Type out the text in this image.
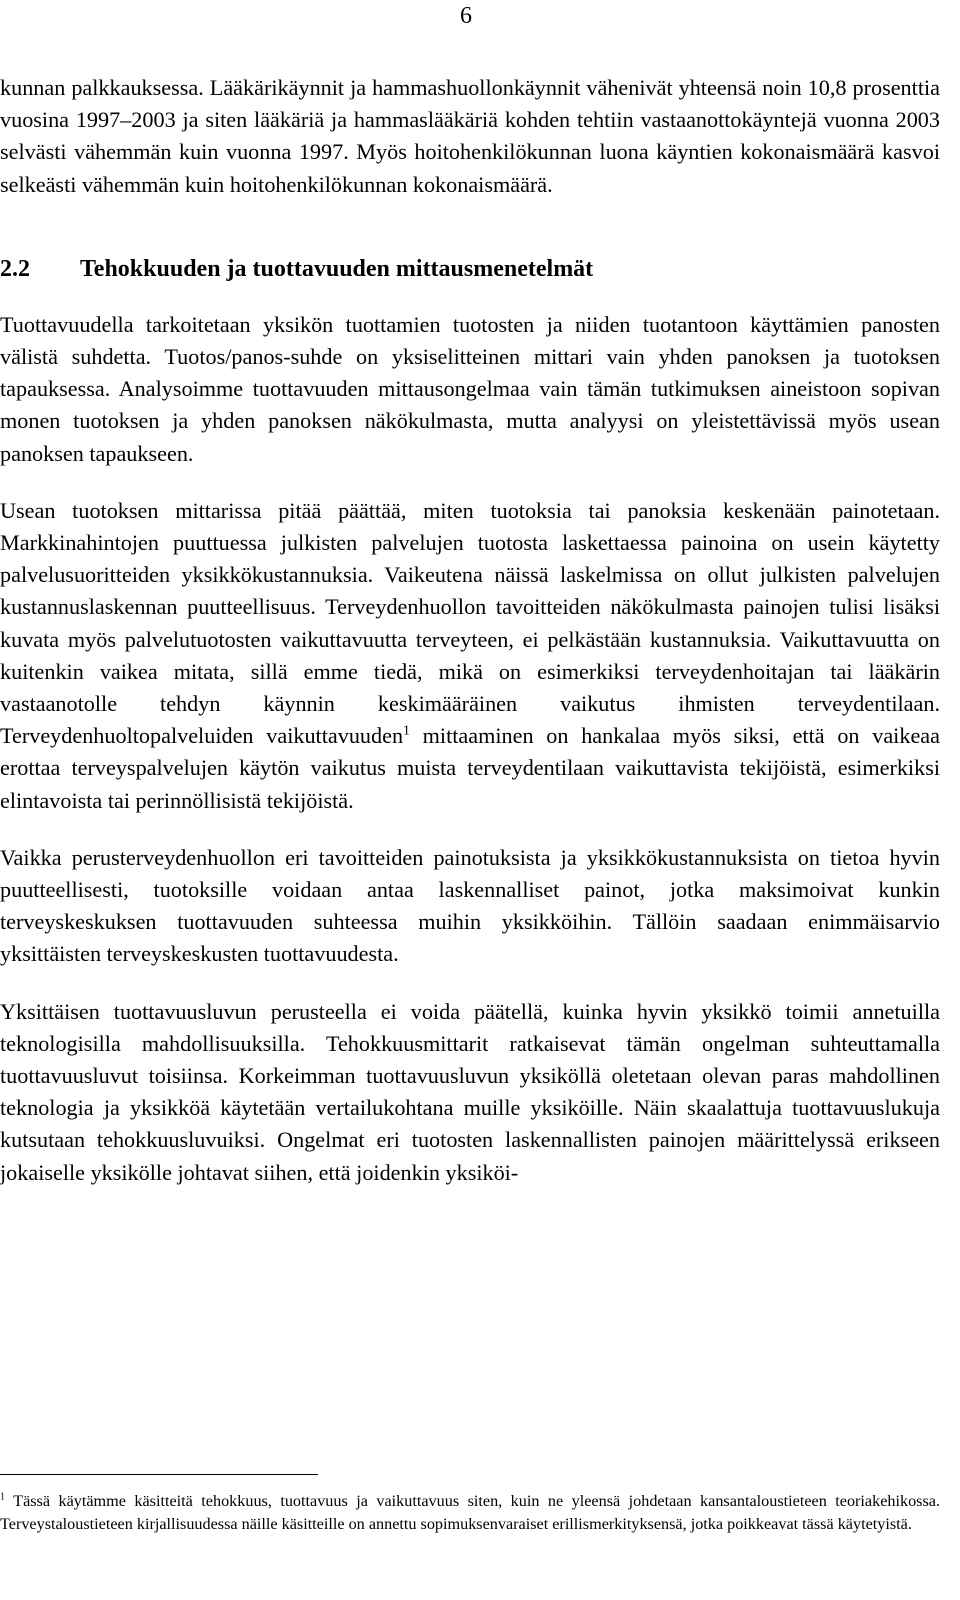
6

kunnan palkkauksessa. Lääkärikäynnit ja hammashuollonkäynnit vähenivät yhteensä noin 10,8 prosenttia vuosina 1997–2003 ja siten lääkäriä ja hammaslääkäriä kohden tehtiin vastaanottokäyntejä vuonna 2003 selvästi vähemmän kuin vuonna 1997. Myös hoitohenkilökunnan luona käyntien kokonaismäärä kasvoi selkeästi vähemmän kuin hoitohenkilökunnan kokonaismäärä.

2.2	Tehokkuuden ja tuottavuuden mittausmenetelmät

Tuottavuudella tarkoitetaan yksikön tuottamien tuotosten ja niiden tuotantoon käyttämien panosten välistä suhdetta. Tuotos/panos-suhde on yksiselitteinen mittari vain yhden panoksen ja tuotoksen tapauksessa. Analysoimme tuottavuuden mittausongelmaa vain tämän tutkimuksen aineistoon sopivan monen tuotoksen ja yhden panoksen näkökulmasta, mutta analyysi on yleistettävissä myös usean panoksen tapaukseen.

Usean tuotoksen mittarissa pitää päättää, miten tuotoksia tai panoksia keskenään painotetaan. Markkinahintojen puuttuessa julkisten palvelujen tuotosta laskettaessa painoina on usein käytetty palvelusuoritteiden yksikkökustannuksia. Vaikeutena näissä laskelmissa on ollut julkisten palvelujen kustannuslaskennan puutteellisuus. Terveydenhuollon tavoitteiden näkökulmasta painojen tulisi lisäksi kuvata myös palvelutuotosten vaikuttavuutta terveyteen, ei pelkästään kustannuksia. Vaikuttavuutta on kuitenkin vaikea mitata, sillä emme tiedä, mikä on esimerkiksi terveydenhoitajan tai lääkärin vastaanotolle tehdyn käynnin keskimääräinen vaikutus ihmisten terveydentilaan. Terveydenhuoltopalveluiden vaikuttavuuden$^1$ mittaaminen on hankalaa myös siksi, että on vaikeaa erottaa terveyspalvelujen käytön vaikutus muista terveydentilaan vaikuttavista tekijöistä, esimerkiksi elintavoista tai perinnöllisistä tekijöistä.

Vaikka perusterveydenhuollon eri tavoitteiden painotuksista ja yksikkökustannuksista on tietoa hyvin puutteellisesti, tuotoksille voidaan antaa laskennalliset painot, jotka maksimoivat kunkin terveyskeskuksen tuottavuuden suhteessa muihin yksikköihin. Tällöin saadaan enimmäisarvio yksittäisten terveyskeskusten tuottavuudesta.

Yksittäisen tuottavuusluvun perusteella ei voida päätellä, kuinka hyvin yksikkö toimii annetuilla teknologisilla mahdollisuuksilla. Tehokkuusmittarit ratkaisevat tämän ongelman suhteuttamalla tuottavuusluvut toisiinsa. Korkeimman tuottavuusluvun yksiköllä oletetaan olevan paras mahdollinen teknologia ja yksikköä käytetään vertailukohtana muille yksiköille. Näin skaalattuja tuottavuuslukuja kutsutaan tehokkuusluvuiksi. Ongelmat eri tuotosten laskennallisten painojen määrittelyssä erikseen jokaiselle yksikölle johtavat siihen, että joidenkin yksiköi-

$^1$ Tässä käytämme käsitteitä tehokkuus, tuottavuus ja vaikuttavuus siten, kuin ne yleensä johdetaan kansantaloustieteen teoriakehikossa. Terveystaloustieteen kirjallisuudessa näille käsitteille on annettu sopimuksenvaraiset erillismerkityksensä, jotka poikkeavat tässä käytetyistä.
